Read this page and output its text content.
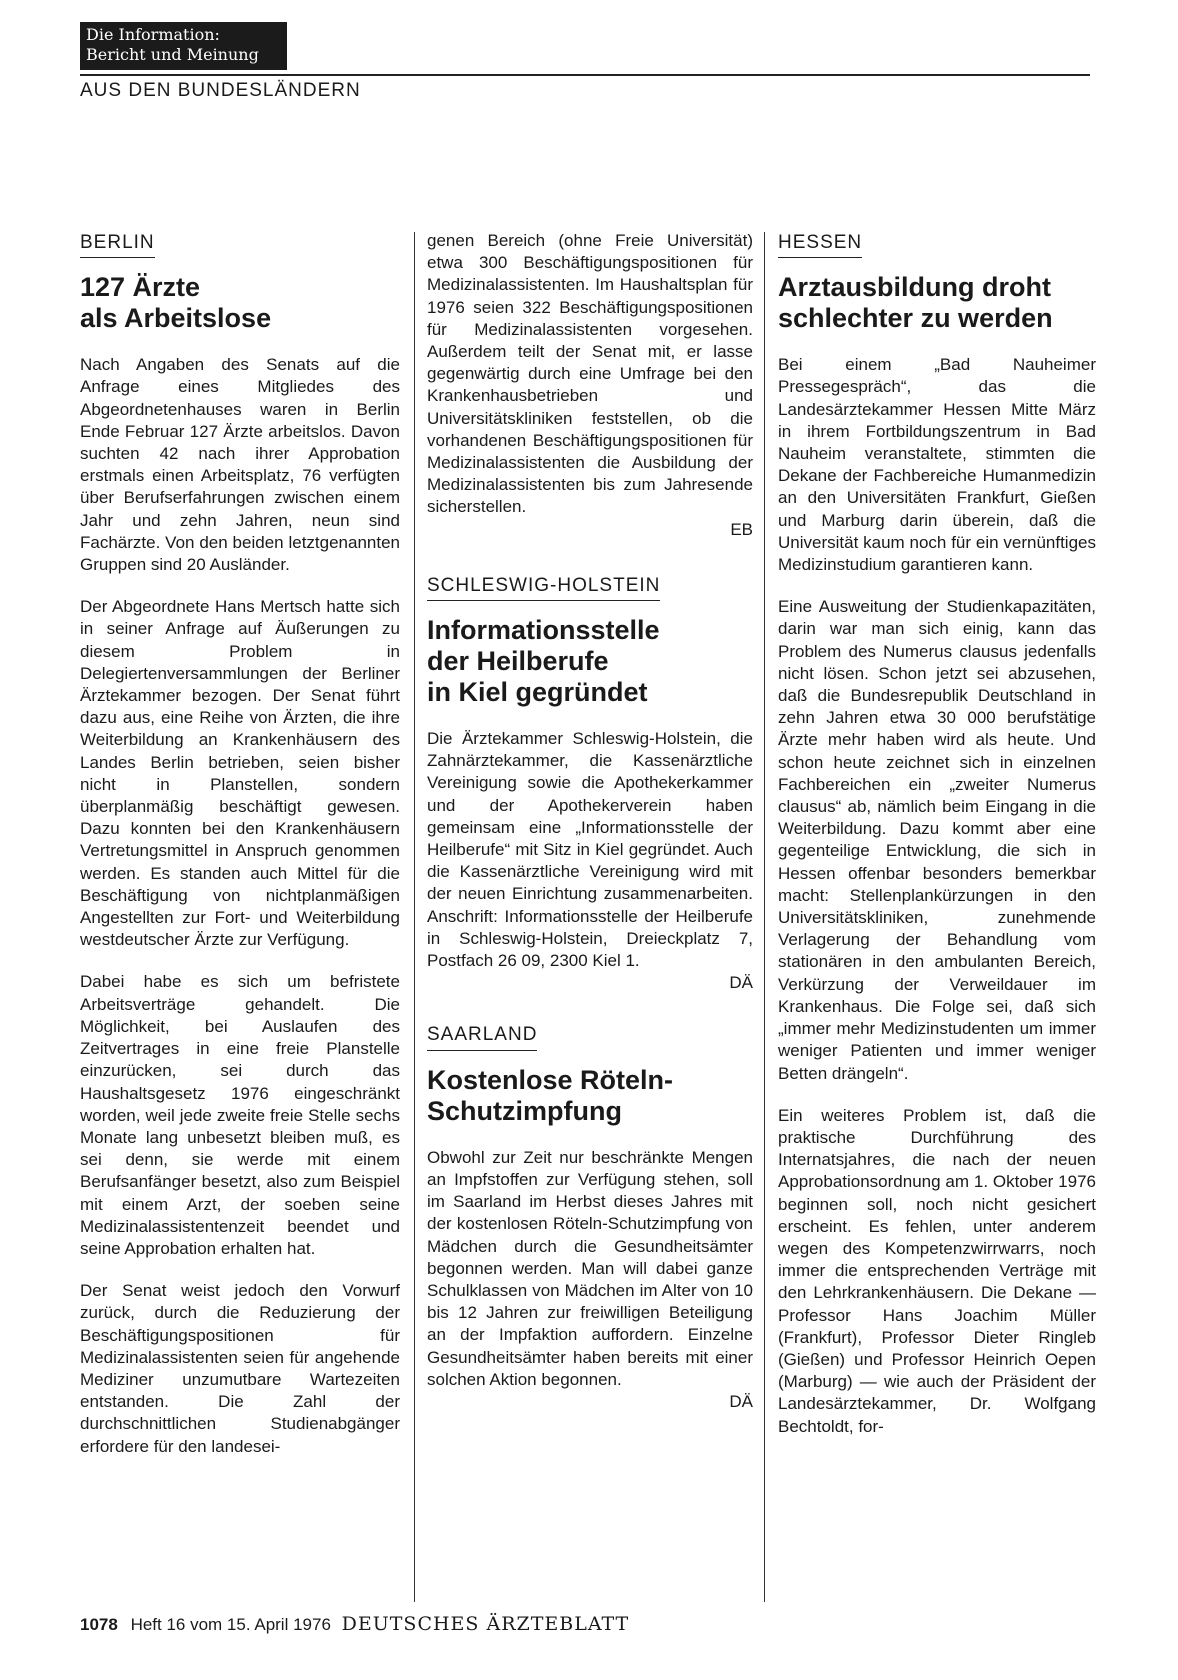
Die Information:
Bericht und Meinung
AUS DEN BUNDESLÄNDERN
BERLIN
127 Ärzte
als Arbeitslose

Nach Angaben des Senats auf die Anfrage eines Mitgliedes des Abgeordnetenhauses waren in Berlin Ende Februar 127 Ärzte arbeitslos. Davon suchten 42 nach ihrer Approbation erstmals einen Arbeitsplatz, 76 verfügten über Berufserfahrungen zwischen einem Jahr und zehn Jahren, neun sind Fachärzte. Von den beiden letztgenannten Gruppen sind 20 Ausländer.

Der Abgeordnete Hans Mertsch hatte sich in seiner Anfrage auf Äußerungen zu diesem Problem in Delegiertenversammlungen der Berliner Ärztekammer bezogen. Der Senat führt dazu aus, eine Reihe von Ärzten, die ihre Weiterbildung an Krankenhäusern des Landes Berlin betrieben, seien bisher nicht in Planstellen, sondern überplanmäßig beschäftigt gewesen. Dazu konnten bei den Krankenhäusern Vertretungsmittel in Anspruch genommen werden. Es standen auch Mittel für die Beschäftigung von nichtplanmäßigen Angestellten zur Fort- und Weiterbildung westdeutscher Ärzte zur Verfügung.

Dabei habe es sich um befristete Arbeitsverträge gehandelt. Die Möglichkeit, bei Auslaufen des Zeitvertrages in eine freie Planstelle einzurücken, sei durch das Haushaltsgesetz 1976 eingeschränkt worden, weil jede zweite freie Stelle sechs Monate lang unbesetzt bleiben muß, es sei denn, sie werde mit einem Berufsanfänger besetzt, also zum Beispiel mit einem Arzt, der soeben seine Medizinalassistentenzeit beendet und seine Approbation erhalten hat.

Der Senat weist jedoch den Vorwurf zurück, durch die Reduzierung der Beschäftigungspositionen für Medizinalassistenten seien für angehende Mediziner unzumutbare Wartezeiten entstanden. Die Zahl der durchschnittlichen Studienabgänger erfordere für den landesei-

genen Bereich (ohne Freie Universität) etwa 300 Beschäftigungspositionen für Medizinalassistenten. Im Haushaltsplan für 1976 seien 322 Beschäftigungspositionen für Medizinalassistenten vorgesehen. Außerdem teilt der Senat mit, er lasse gegenwärtig durch eine Umfrage bei den Krankenhausbetrieben und Universitätskliniken feststellen, ob die vorhandenen Beschäftigungspositionen für Medizinalassistenten die Ausbildung der Medizinalassistenten bis zum Jahresende sicherstellen.
EB

SCHLESWIG-HOLSTEIN
Informationsstelle
der Heilberufe
in Kiel gegründet

Die Ärztekammer Schleswig-Holstein, die Zahnärztekammer, die Kassenärztliche Vereinigung sowie die Apothekerkammer und der Apothekerverein haben gemeinsam eine „Informationsstelle der Heilberufe“ mit Sitz in Kiel gegründet. Auch die Kassenärztliche Vereinigung wird mit der neuen Einrichtung zusammenarbeiten. Anschrift: Informationsstelle der Heilberufe in Schleswig-Holstein, Dreieckplatz 7, Postfach 26 09, 2300 Kiel 1.
DÄ

SAARLAND
Kostenlose Röteln-
Schutzimpfung

Obwohl zur Zeit nur beschränkte Mengen an Impfstoffen zur Verfügung stehen, soll im Saarland im Herbst dieses Jahres mit der kostenlosen Röteln-Schutzimpfung von Mädchen durch die Gesundheitsämter begonnen werden. Man will dabei ganze Schulklassen von Mädchen im Alter von 10 bis 12 Jahren zur freiwilligen Beteiligung an der Impfaktion auffordern. Einzelne Gesundheitsämter haben bereits mit einer solchen Aktion begonnen.
DÄ

HESSEN
Arztausbildung droht
schlechter zu werden

Bei einem „Bad Nauheimer Pressegespräch“, das die Landesärztekammer Hessen Mitte März in ihrem Fortbildungszentrum in Bad Nauheim veranstaltete, stimmten die Dekane der Fachbereiche Humanmedizin an den Universitäten Frankfurt, Gießen und Marburg darin überein, daß die Universität kaum noch für ein vernünftiges Medizinstudium garantieren kann.

Eine Ausweitung der Studienkapazitäten, darin war man sich einig, kann das Problem des Numerus clausus jedenfalls nicht lösen. Schon jetzt sei abzusehen, daß die Bundesrepublik Deutschland in zehn Jahren etwa 30 000 berufstätige Ärzte mehr haben wird als heute. Und schon heute zeichnet sich in einzelnen Fachbereichen ein „zweiter Numerus clausus“ ab, nämlich beim Eingang in die Weiterbildung. Dazu kommt aber eine gegenteilige Entwicklung, die sich in Hessen offenbar besonders bemerkbar macht: Stellenplankürzungen in den Universitätskliniken, zunehmende Verlagerung der Behandlung vom stationären in den ambulanten Bereich, Verkürzung der Verweildauer im Krankenhaus. Die Folge sei, daß sich „immer mehr Medizinstudenten um immer weniger Patienten und immer weniger Betten drängeln“.

Ein weiteres Problem ist, daß die praktische Durchführung des Internatsjahres, die nach der neuen Approbationsordnung am 1. Oktober 1976 beginnen soll, noch nicht gesichert erscheint. Es fehlen, unter anderem wegen des Kompetenzwirrwarrs, noch immer die entsprechenden Verträge mit den Lehrkrankenhäusern. Die Dekane — Professor Hans Joachim Müller (Frankfurt), Professor Dieter Ringleb (Gießen) und Professor Heinrich Oepen (Marburg) — wie auch der Präsident der Landesärztekammer, Dr. Wolfgang Bechtoldt, for-

1078 Heft 16 vom 15. April 1976 DEUTSCHES ÄRZTEBLATT
